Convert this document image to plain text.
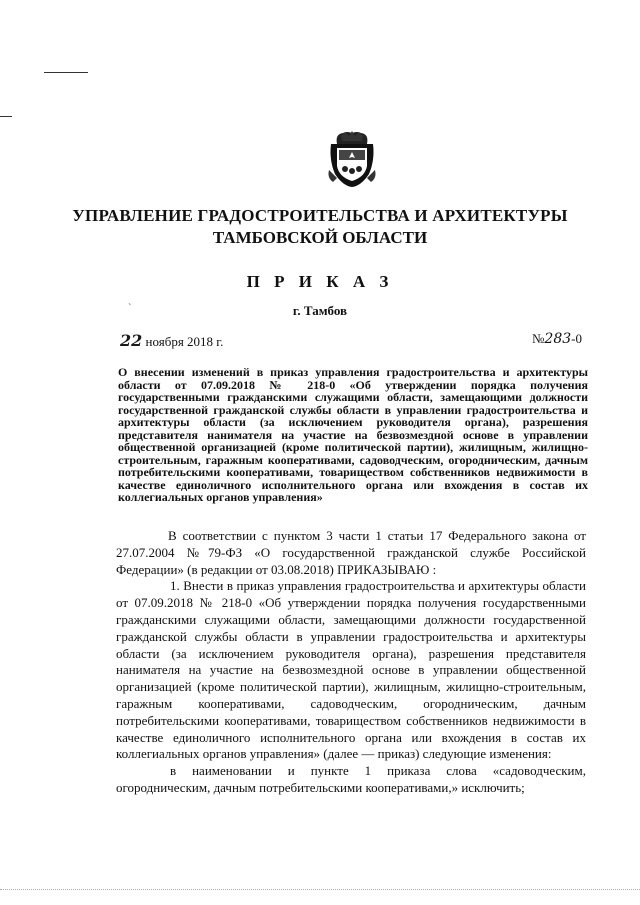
УПРАВЛЕНИЕ ГРАДОСТРОИТЕЛЬСТВА И АРХИТЕКТУРЫ
ТАМБОВСКОЙ ОБЛАСТИ
П Р И К А З
`	г. Тамбов
22 ноября 2018 г.	№283-0
О внесении изменений в приказ управления градостроительства и архитектуры области от 07.09.2018 № 218-0 «Об утверждении порядка получения государственными гражданскими служащими области, замещающими должности государственной гражданской службы области в управлении градостроительства и архитектуры области (за исключением руководителя органа), разрешения представителя нанимателя на участие на безвозмездной основе в управлении общественной организацией (кроме политической партии), жилищным, жилищно-строительным, гаражным кооперативами, садоводческим, огородническим, дачным потребительскими кооперативами, товариществом собственников недвижимости в качестве единоличного исполнительного органа или вхождения в состав их коллегиальных органов управления»

В соответствии с пунктом 3 части 1 статьи 17 Федерального закона от 27.07.2004 №79-ФЗ «О государственной гражданской службе Российской Федерации» (в редакции от 03.08.2018) ПРИКАЗЫВАЮ :

1. Внести в приказ управления градостроительства и архитектуры области от 07.09.2018 № 218-0 «Об утверждении порядка получения государственными гражданскими служащими области, замещающими должности государственной гражданской службы области в управлении градостроительства и архитектуры области (за исключением руководителя органа), разрешения представителя нанимателя на участие на безвозмездной основе в управлении общественной организацией (кроме политической партии), жилищным, жилищно-строительным, гаражным кооперативами, садоводческим, огородническим, дачным потребительскими кооперативами, товариществом собственников недвижимости в качестве единоличного исполнительного органа или вхождения в состав их коллегиальных органов управления» (далее — приказ) следующие изменения:

в наименовании и пункте 1 приказа слова «садоводческим, огородническим, дачным потребительскими кооперативами,» исключить;
